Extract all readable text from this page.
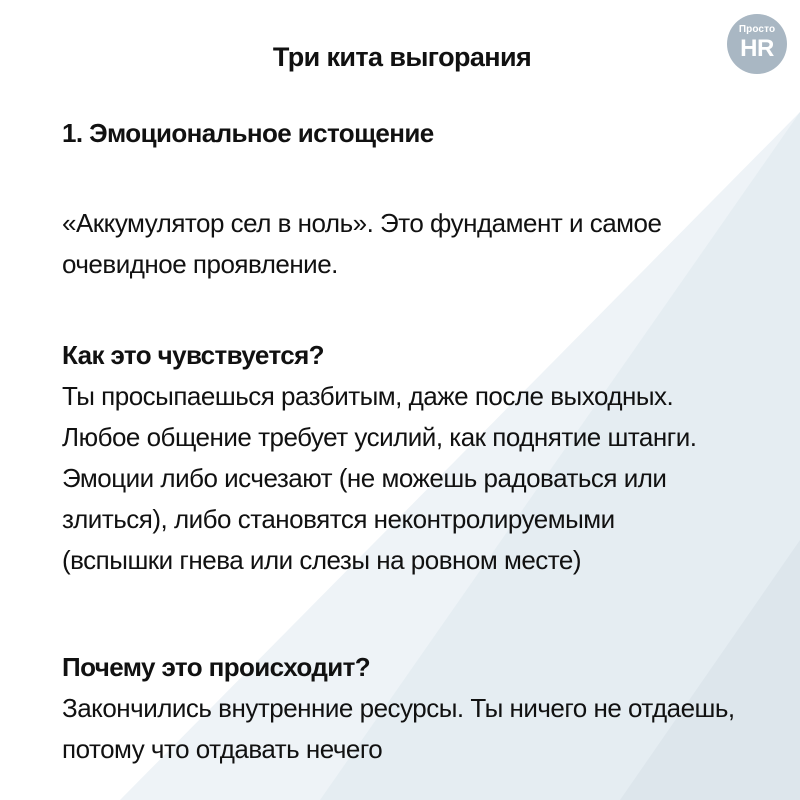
Просто
HR
Три кита выгорания
1. Эмоциональное истощение
«Аккумулятор сел в ноль». Это фундамент и самое
очевидное проявление.
Как это чувствуется?
Ты просыпаешься разбитым, даже после выходных.
Любое общение требует усилий, как поднятие штанги.
Эмоции либо исчезают (не можешь радоваться или
злиться), либо становятся неконтролируемыми
(вспышки гнева или слезы на ровном месте)
Почему это происходит?
Закончились внутренние ресурсы. Ты ничего не отдаешь,
потому что отдавать нечего
